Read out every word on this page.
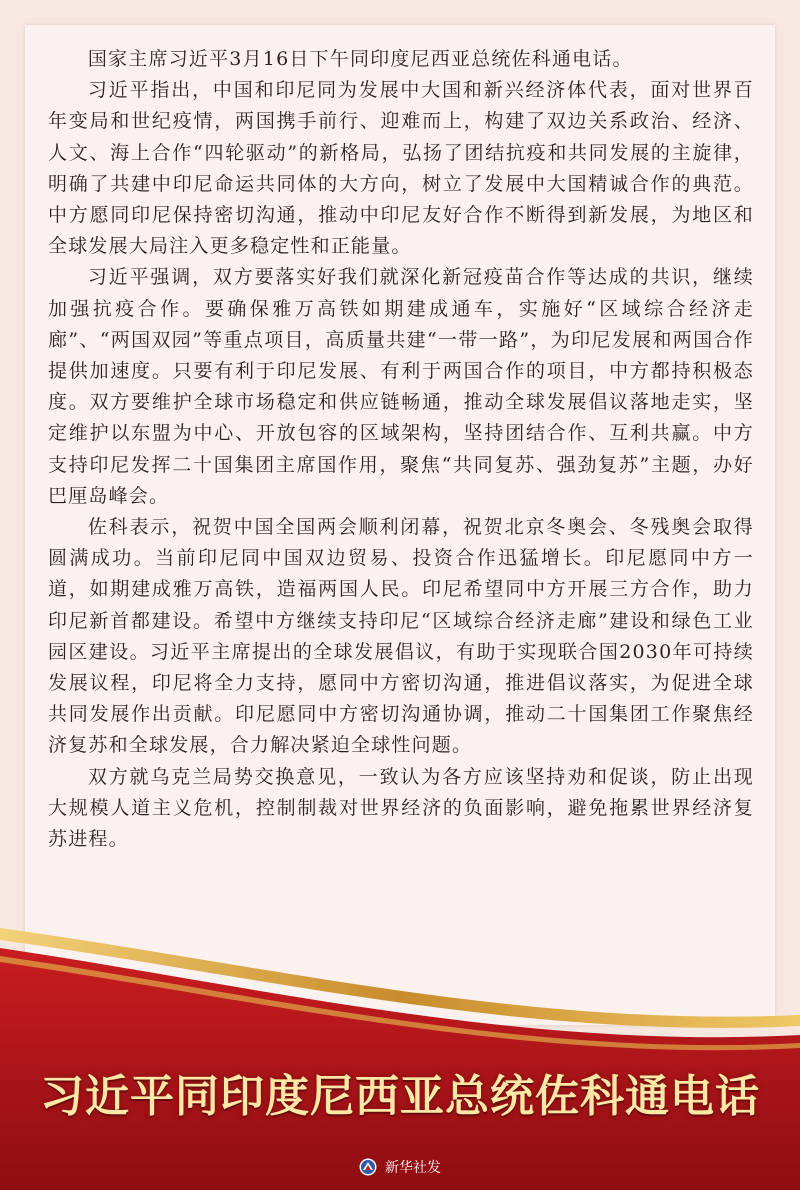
国家主席习近平3月16日下午同印度尼西亚总统佐科通电话。

习近平指出，中国和印尼同为发展中大国和新兴经济体代表，面对世界百年变局和世纪疫情，两国携手前行、迎难而上，构建了双边关系政治、经济、人文、海上合作“四轮驱动”的新格局，弘扬了团结抗疫和共同发展的主旋律，明确了共建中印尼命运共同体的大方向，树立了发展中大国精诚合作的典范。中方愿同印尼保持密切沟通，推动中印尼友好合作不断得到新发展，为地区和全球发展大局注入更多稳定性和正能量。

习近平强调，双方要落实好我们就深化新冠疫苗合作等达成的共识，继续加强抗疫合作。要确保雅万高铁如期建成通车，实施好“区域综合经济走廊”、“两国双园”等重点项目，高质量共建“一带一路”，为印尼发展和两国合作提供加速度。只要有利于印尼发展、有利于两国合作的项目，中方都持积极态度。双方要维护全球市场稳定和供应链畅通，推动全球发展倡议落地走实，坚定维护以东盟为中心、开放包容的区域架构，坚持团结合作、互利共赢。中方支持印尼发挥二十国集团主席国作用，聚焦“共同复苏、强劲复苏”主题，办好巴厘岛峰会。

佐科表示，祝贺中国全国两会顺利闭幕，祝贺北京冬奥会、冬残奥会取得圆满成功。当前印尼同中国双边贸易、投资合作迅猛增长。印尼愿同中方一道，如期建成雅万高铁，造福两国人民。印尼希望同中方开展三方合作，助力印尼新首都建设。希望中方继续支持印尼“区域综合经济走廊”建设和绿色工业园区建设。习近平主席提出的全球发展倡议，有助于实现联合国2030年可持续发展议程，印尼将全力支持，愿同中方密切沟通，推进倡议落实，为促进全球共同发展作出贡献。印尼愿同中方密切沟通协调，推动二十国集团工作聚焦经济复苏和全球发展，合力解决紧迫全球性问题。

双方就乌克兰局势交换意见，一致认为各方应该坚持劝和促谈，防止出现大规模人道主义危机，控制制裁对世界经济的负面影响，避免拖累世界经济复苏进程。

习近平同印度尼西亚总统佐科通电话
新华社发
